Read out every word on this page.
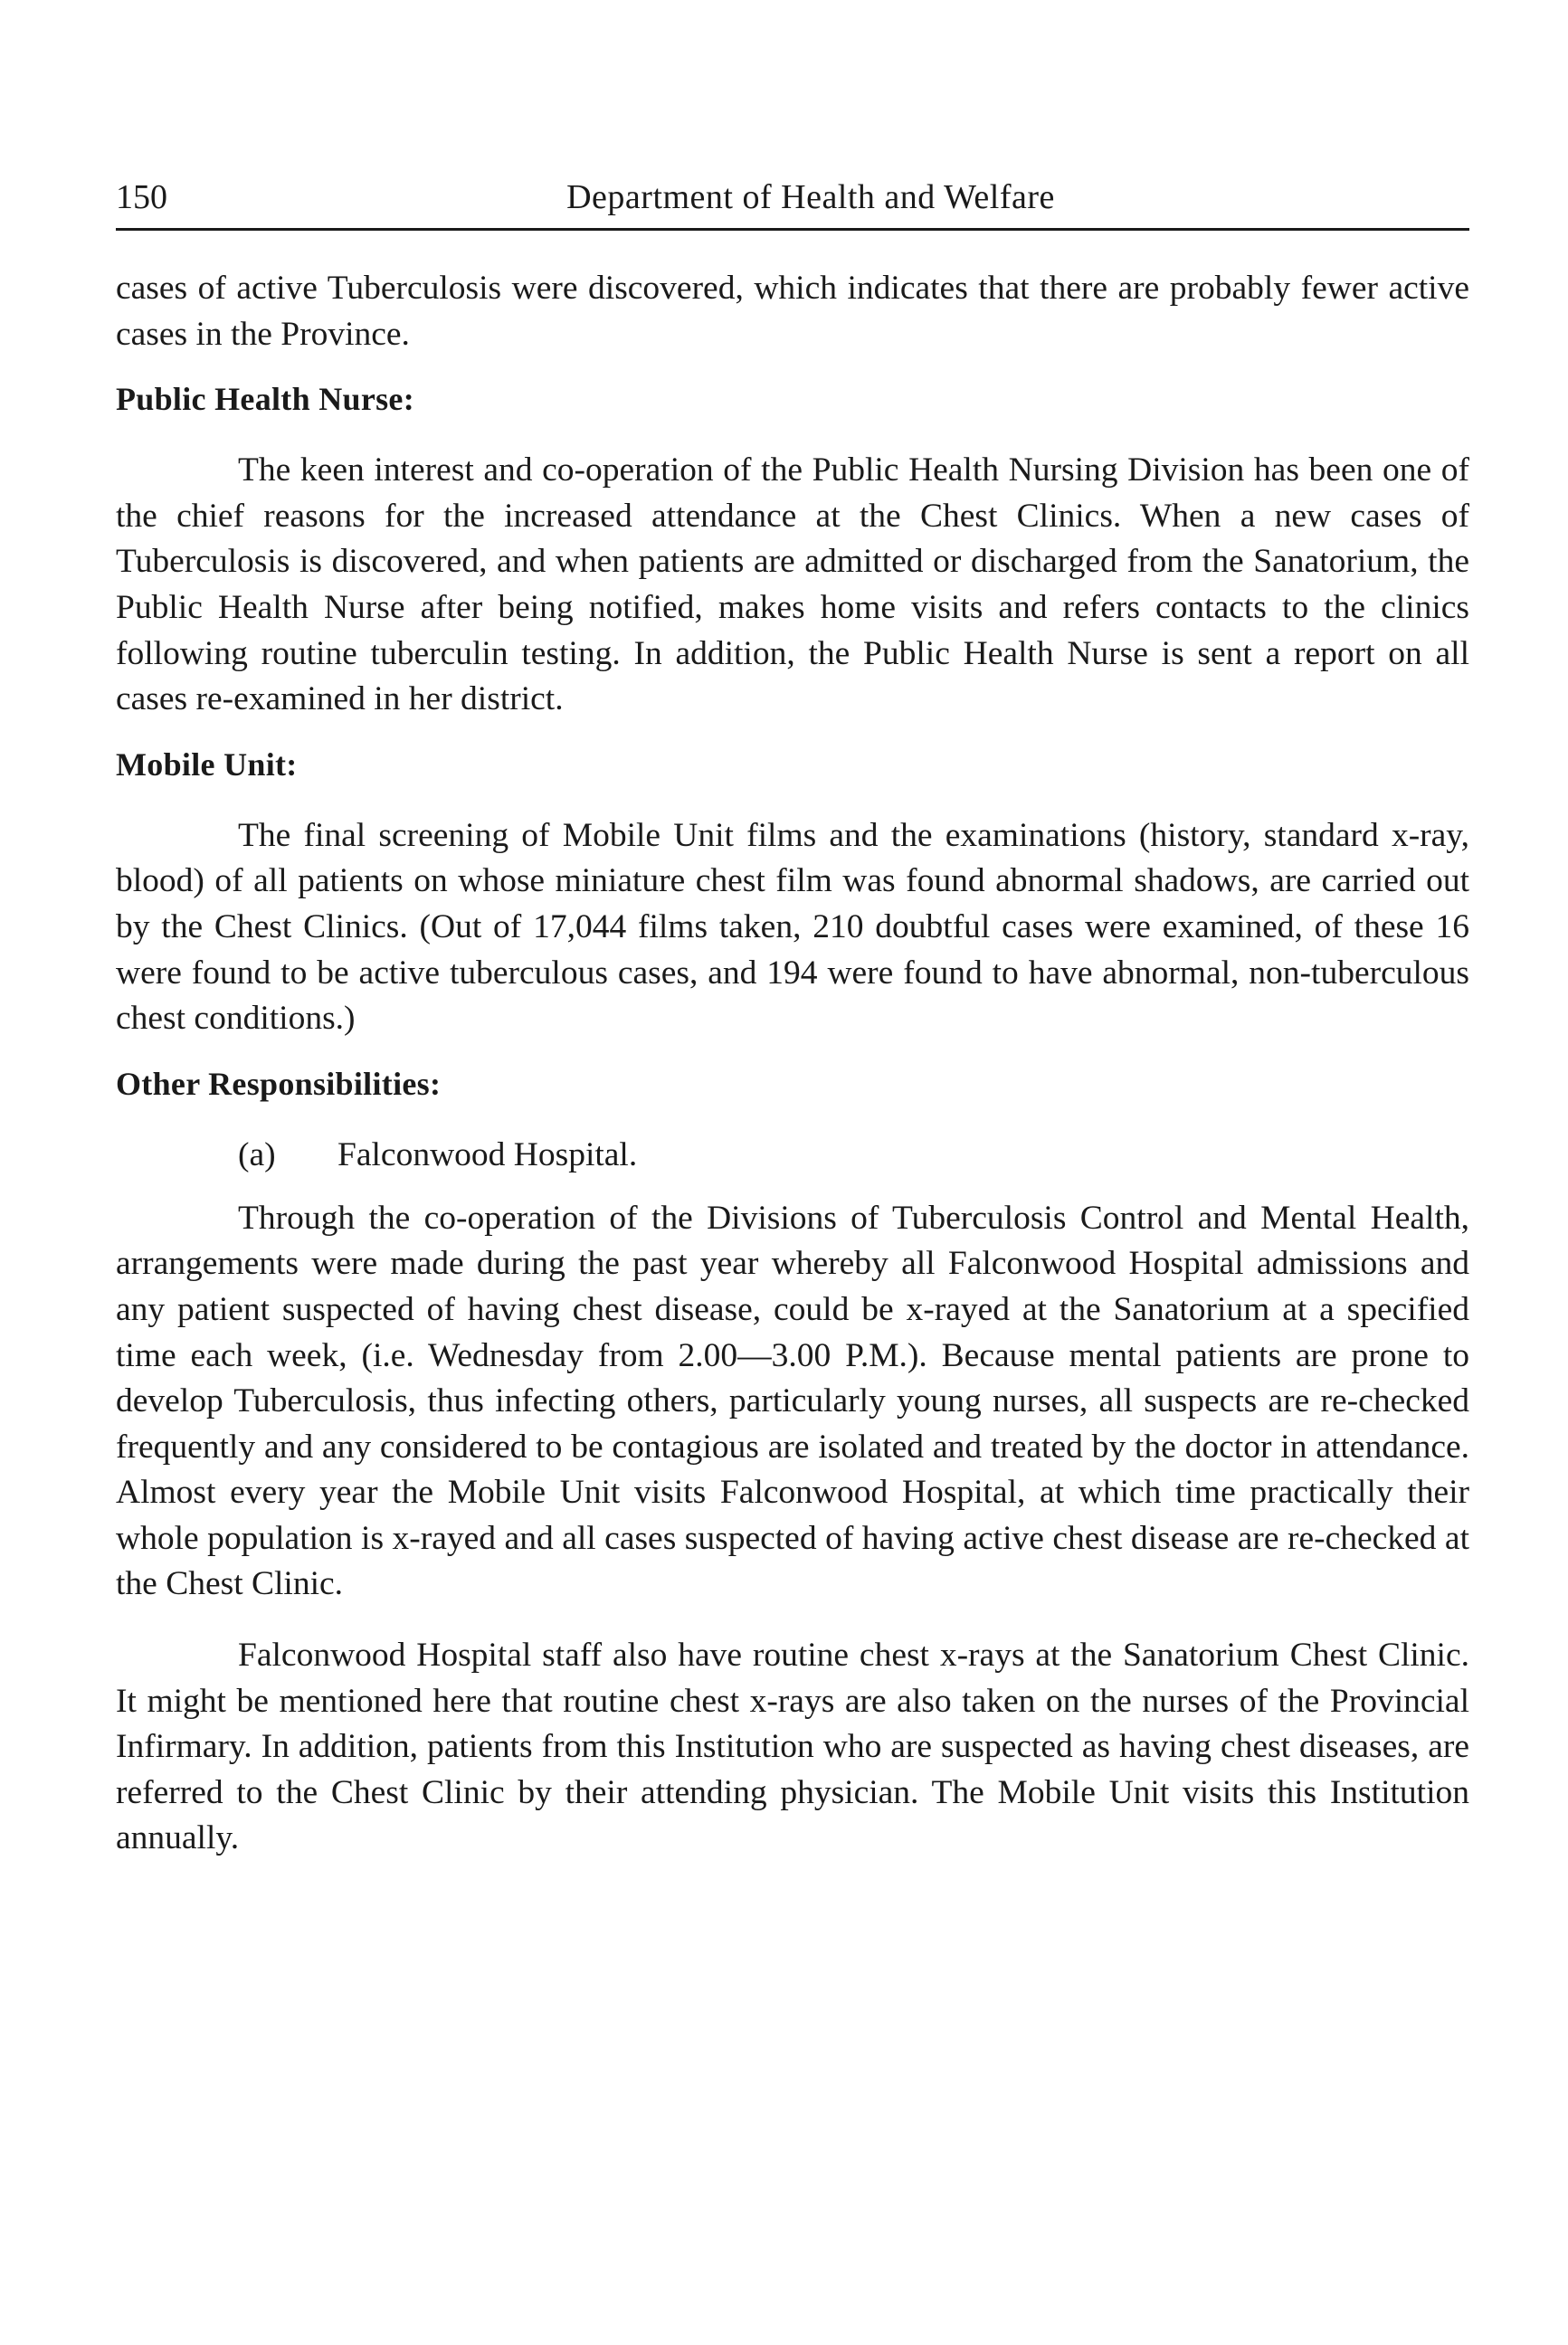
150	Department of Health and Welfare

cases of active Tuberculosis were discovered, which indicates that there are probably fewer active cases in the Province.

Public Health Nurse:

The keen interest and co-operation of the Public Health Nursing Division has been one of the chief reasons for the increased attendance at the Chest Clinics. When a new cases of Tuberculosis is discovered, and when patients are admitted or discharged from the Sanatorium, the Public Health Nurse after being notified, makes home visits and refers contacts to the clinics following routine tuberculin testing. In addition, the Public Health Nurse is sent a report on all cases re-examined in her district.

Mobile Unit:

The final screening of Mobile Unit films and the examinations (history, standard x-ray, blood) of all patients on whose miniature chest film was found abnormal shadows, are carried out by the Chest Clinics. (Out of 17,044 films taken, 210 doubtful cases were examined, of these 16 were found to be active tuberculous cases, and 194 were found to have abnormal, non-tuberculous chest conditions.)

Other Responsibilities:
(a) Falconwood Hospital.

Through the co-operation of the Divisions of Tuberculosis Control and Mental Health, arrangements were made during the past year whereby all Falconwood Hospital admissions and any patient suspected of having chest disease, could be x-rayed at the Sanatorium at a specified time each week, (i.e. Wednesday from 2.00—3.00 P.M.). Because mental patients are prone to develop Tuberculosis, thus infecting others, particularly young nurses, all suspects are re-checked frequently and any considered to be contagious are isolated and treated by the doctor in attendance. Almost every year the Mobile Unit visits Falconwood Hospital, at which time practically their whole population is x-rayed and all cases suspected of having active chest disease are re-checked at the Chest Clinic.

Falconwood Hospital staff also have routine chest x-rays at the Sanatorium Chest Clinic. It might be mentioned here that routine chest x-rays are also taken on the nurses of the Provincial Infirmary. In addition, patients from this Institution who are suspected as having chest diseases, are referred to the Chest Clinic by their attending physician. The Mobile Unit visits this Institution annually.
